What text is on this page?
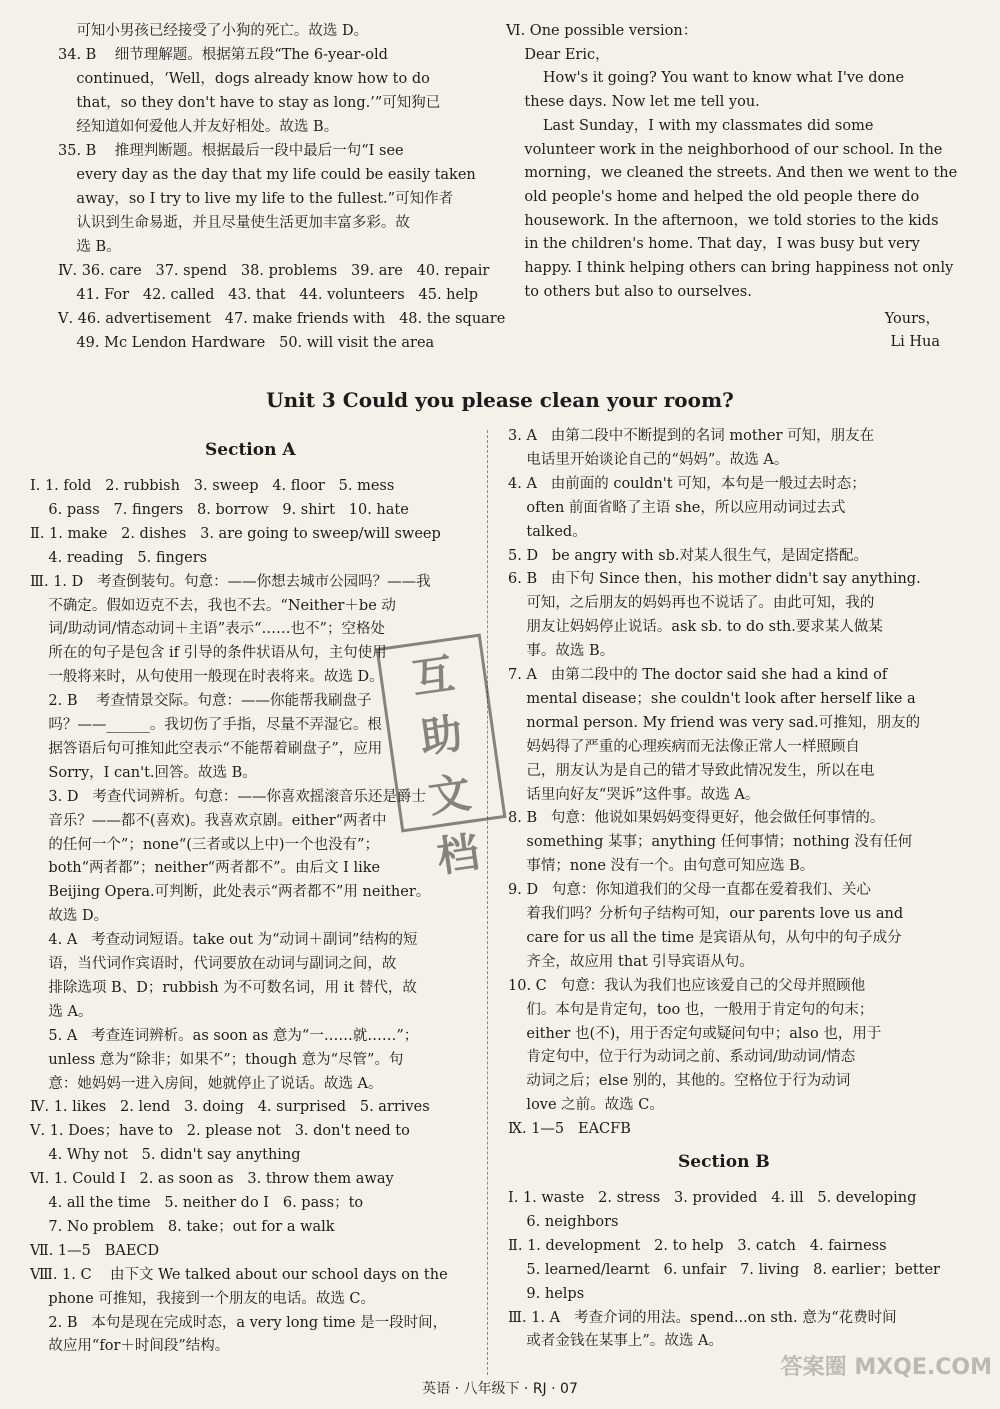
可知小男孩已经接受了小狗的死亡。故选 D。
34. B    细节理解题。根据第五段“The 6-year-old
continued，‘Well，dogs already know how to do
that，so they don't have to stay as long.’”可知狗已
经知道如何爱他人并友好相处。故选 B。
35. B    推理判断题。根据最后一段中最后一句“I see
every day as the day that my life could be easily taken
away，so I try to live my life to the fullest.”可知作者
认识到生命易逝，并且尽量使生活更加丰富多彩。故
选 B。
Ⅳ. 36. care   37. spend   38. problems   39. are   40. repair
41. For   42. called   43. that   44. volunteers   45. help
Ⅴ. 46. advertisement   47. make friends with   48. the square
49. Mc Lendon Hardware   50. will visit the area
Ⅵ. One possible version：
Dear Eric，
How's it going? You want to know what I've done
these days. Now let me tell you.
Last Sunday，I with my classmates did some
volunteer work in the neighborhood of our school. In the
morning，we cleaned the streets. And then we went to the
old people's home and helped the old people there do
housework. In the afternoon，we told stories to the kids
in the children's home. That day，I was busy but very
happy. I think helping others can bring happiness not only
to others but also to ourselves.
Yours，
Li Hua
Unit 3 Could you please clean your room?
Section A
Ⅰ. 1. fold   2. rubbish   3. sweep   4. floor   5. mess
6. pass   7. fingers   8. borrow   9. shirt   10. hate
Ⅱ. 1. make   2. dishes   3. are going to sweep/will sweep
4. reading   5. fingers
Ⅲ. 1. D   考查倒装句。句意：——你想去城市公园吗？——我
不确定。假如迈克不去，我也不去。“Neither＋be 动
词/助动词/情态动词＋主语”表示“……也不”；空格处
所在的句子是包含 if 引导的条件状语从句，主句使用
一般将来时，从句使用一般现在时表将来。故选 D。
2. B    考查情景交际。句意：——你能帮我刷盘子
吗？——______。我切伤了手指，尽量不弄湿它。根
据答语后句可推知此空表示“不能帮着刷盘子”，应用
Sorry，I can't.回答。故选 B。
3. D   考查代词辨析。句意：——你喜欢摇滚音乐还是爵士
音乐？——都不(喜欢)。我喜欢京剧。either“两者中
的任何一个”；none“(三者或以上中)一个也没有”；
both“两者都”；neither“两者都不”。由后文 I like
Beijing Opera.可判断，此处表示“两者都不”用 neither。
故选 D。
4. A   考查动词短语。take out 为“动词＋副词”结构的短
语，当代词作宾语时，代词要放在动词与副词之间，故
排除选项 B、D；rubbish 为不可数名词，用 it 替代，故
选 A。
5. A   考查连词辨析。as soon as 意为“一……就……”；
unless 意为“除非；如果不”；though 意为“尽管”。句
意：她妈妈一进入房间，她就停止了说话。故选 A。
Ⅳ. 1. likes   2. lend   3. doing   4. surprised   5. arrives
Ⅴ. 1. Does；have to   2. please not   3. don't need to
4. Why not   5. didn't say anything
Ⅵ. 1. Could I   2. as soon as   3. throw them away
4. all the time   5. neither do I   6. pass；to
7. No problem   8. take；out for a walk
Ⅶ. 1—5   BAECD
Ⅷ. 1. C    由下文 We talked about our school days on the
phone 可推知，我接到一个朋友的电话。故选 C。
2. B   本句是现在完成时态，a very long time 是一段时间，
故应用“for＋时间段”结构。
3. A   由第二段中不断提到的名词 mother 可知，朋友在
电话里开始谈论自己的“妈妈”。故选 A。
4. A   由前面的 couldn't 可知，本句是一般过去时态；
often 前面省略了主语 she，所以应用动词过去式
talked。
5. D   be angry with sb.对某人很生气，是固定搭配。
6. B   由下句 Since then，his mother didn't say anything.
可知，之后朋友的妈妈再也不说话了。由此可知，我的
朋友让妈妈停止说话。ask sb. to do sth.要求某人做某
事。故选 B。
7. A   由第二段中的 The doctor said she had a kind of
mental disease；she couldn't look after herself like a
normal person. My friend was very sad.可推知，朋友的
妈妈得了严重的心理疾病而无法像正常人一样照顾自
己，朋友认为是自己的错才导致此情况发生，所以在电
话里向好友“哭诉”这件事。故选 A。
8. B   句意：他说如果妈妈变得更好，他会做任何事情的。
something 某事；anything 任何事情；nothing 没有任何
事情；none 没有一个。由句意可知应选 B。
9. D   句意：你知道我们的父母一直都在爱着我们、关心
着我们吗？分析句子结构可知，our parents love us and
care for us all the time 是宾语从句，从句中的句子成分
齐全，故应用 that 引导宾语从句。
10. C   句意：我认为我们也应该爱自己的父母并照顾他
们。本句是肯定句，too 也，一般用于肯定句的句末；
either 也(不)，用于否定句或疑问句中；also 也，用于
肯定句中，位于行为动词之前、系动词/助动词/情态
动词之后；else 别的，其他的。空格位于行为动词
love 之前。故选 C。
Ⅸ. 1—5   EACFB
Section B
Ⅰ. 1. waste   2. stress   3. provided   4. ill   5. developing
6. neighbors
Ⅱ. 1. development   2. to help   3. catch   4. fairness
5. learned/learnt   6. unfair   7. living   8. earlier；better
9. helps
Ⅲ. 1. A   考查介词的用法。spend...on sth. 意为“花费时间
或者金钱在某事上”。故选 A。
互
助
文
档
英语 · 八年级下 · RJ · 07
答案圈 MXQE.COM
